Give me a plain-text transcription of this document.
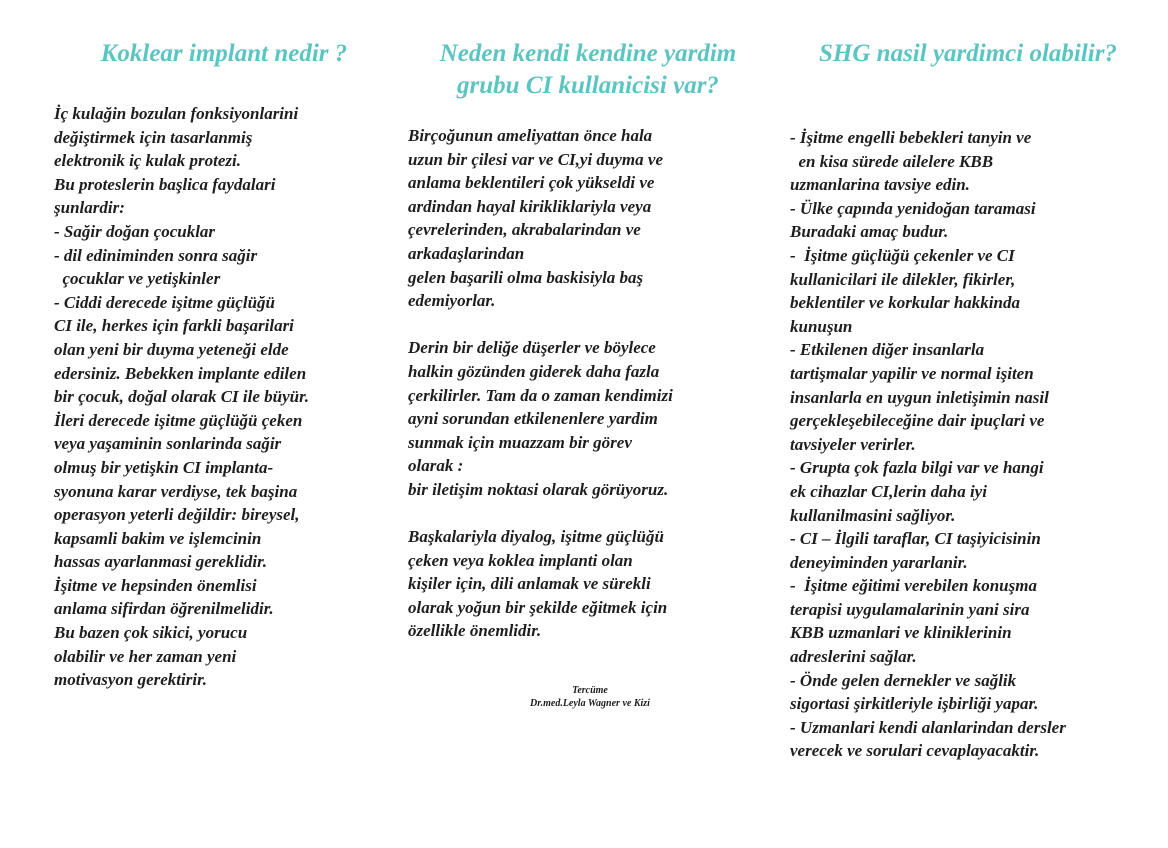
Koklear implant nedir ?

İç kulağin bozulan fonksiyonlarini
değiştirmek için tasarlanmiş
elektronik iç kulak protezi.
Bu proteslerin başlica faydalari
şunlardir:
- Sağir doğan çocuklar
- dil ediniminden sonra sağir
çocuklar ve yetişkinler
- Ciddi derecede işitme güçlüğü
CI ile, herkes için farkli başarilari
olan yeni bir duyma yeteneği elde
edersiniz. Bebekken implante edilen
bir çocuk, doğal olarak CI ile büyür.
İleri derecede işitme güçlüğü çeken
veya yaşaminin sonlarinda sağir
olmuş bir yetişkin CI implanta-
syonuna karar verdiyse, tek başina
operasyon yeterli değildir: bireysel,
kapsamli bakim ve işlemcinin
hassas ayarlanmasi gereklidir.
İşitme ve hepsinden önemlisi
anlama sifirdan öğrenilmelidir.
Bu bazen çok sikici, yorucu
olabilir ve her zaman yeni
motivasyon gerektirir.

Neden kendi kendine yardim
grubu CI kullanicisi var?

Birçoğunun ameliyattan önce hala
uzun bir çilesi var ve CI,yi duyma ve
anlama beklentileri çok yükseldi ve
ardindan hayal kirikliklariyla veya
çevrelerinden, akrabalarindan ve
arkadaşlarindan
gelen başarili olma baskisiyla baş
edemiyorlar.

Derin bir deliğe düşerler ve böylece
halkin gözünden giderek daha fazla
çerkilirler. Tam da o zaman kendimizi
ayni sorundan etkilenenlere yardim
sunmak için muazzam bir görev
olarak :
bir iletişim noktasi olarak görüyoruz.

Başkalariyla diyalog, işitme güçlüğü
çeken veya koklea implanti olan
kişiler için, dili anlamak ve sürekli
olarak yoğun bir şekilde eğitmek için
özellikle önemlidir.

SHG nasil yardimci olabilir?

- İşitme engelli bebekleri tanyin ve
en kisa sürede ailelere KBB
uzmanlarina tavsiye edin.
- Ülke çapında yenidoğan taramasi
Buradaki amaç budur.
-  İşitme güçlüğü çekenler ve CI
kullanicilari ile dilekler, fikirler,
beklentiler ve korkular hakkinda
kunuşun
- Etkilenen diğer insanlarla
tartişmalar yapilir ve normal işiten
insanlarla en uygun inletişimin nasil
gerçekleşebileceğine dair ipuçlari ve
tavsiyeler verirler.
- Grupta çok fazla bilgi var ve hangi
ek cihazlar CI,lerin daha iyi
kullanilmasini sağliyor.
- CI – İlgili taraflar, CI taşiyicisinin
deneyiminden yararlanir.
-  İşitme eğitimi verebilen konuşma
terapisi uygulamalarinin yani sira
KBB uzmanlari ve kliniklerinin
adreslerini sağlar.
- Önde gelen dernekler ve sağlik
sigortasi şirkitleriyle işbirliği yapar.
- Uzmanlari kendi alanlarindan dersler
verecek ve sorulari cevaplayacaktir.

Tercüme
Dr.med.Leyla Wagner ve Kizi
